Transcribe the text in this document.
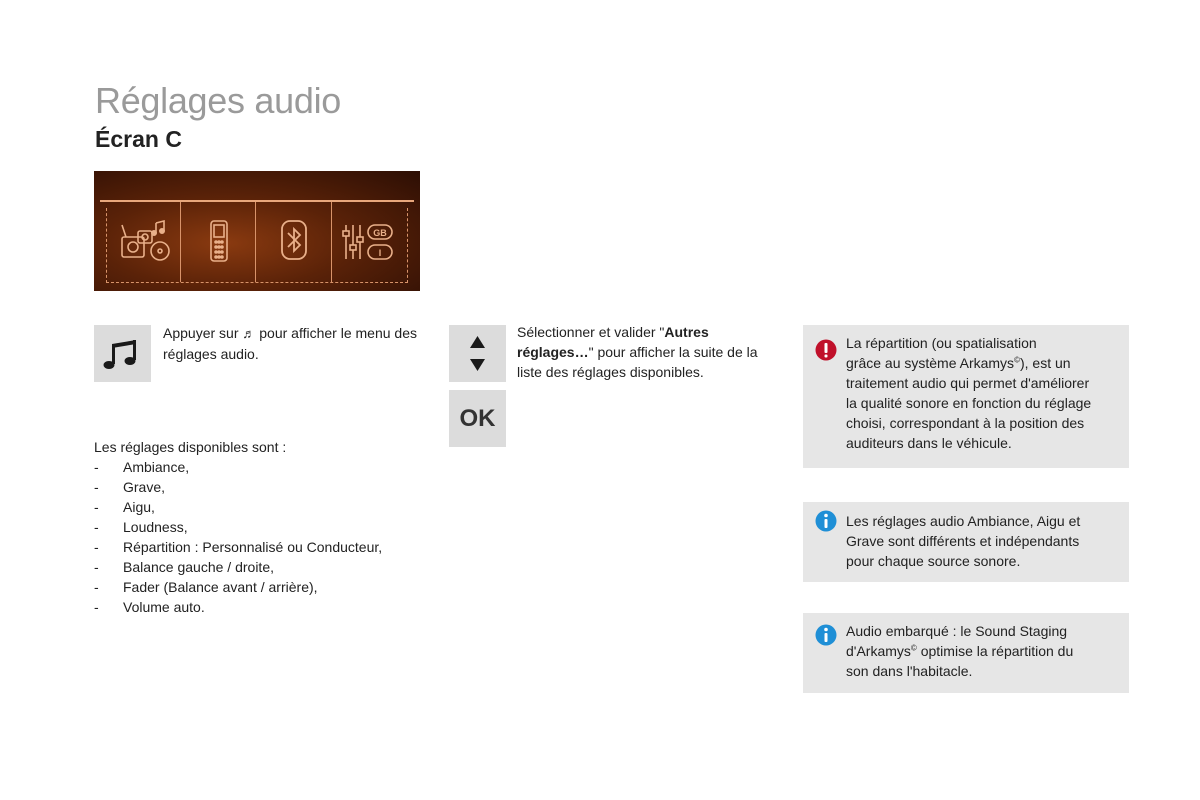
Réglages audio
Écran C
GB
I
Appuyer sur ♬ pour afficher le menu des réglages audio.
OK
Sélectionner et valider "Autres réglages…" pour afficher la suite de la liste des réglages disponibles.
Les réglages disponibles sont :
-	Ambiance,
-	Grave,
-	Aigu,
-	Loudness,
-	Répartition : Personnalisé ou Conducteur,
-	Balance gauche / droite,
-	Fader (Balance avant / arrière),
-	Volume auto.
La répartition (ou spatialisation
grâce au système Arkamys©), est un
traitement audio qui permet d'améliorer
la qualité sonore en fonction du réglage
choisi, correspondant à la position des
auditeurs dans le véhicule.
Les réglages audio Ambiance, Aigu et
Grave sont différents et indépendants
pour chaque source sonore.
Audio embarqué : le Sound Staging
d'Arkamys© optimise la répartition du
son dans l'habitacle.
